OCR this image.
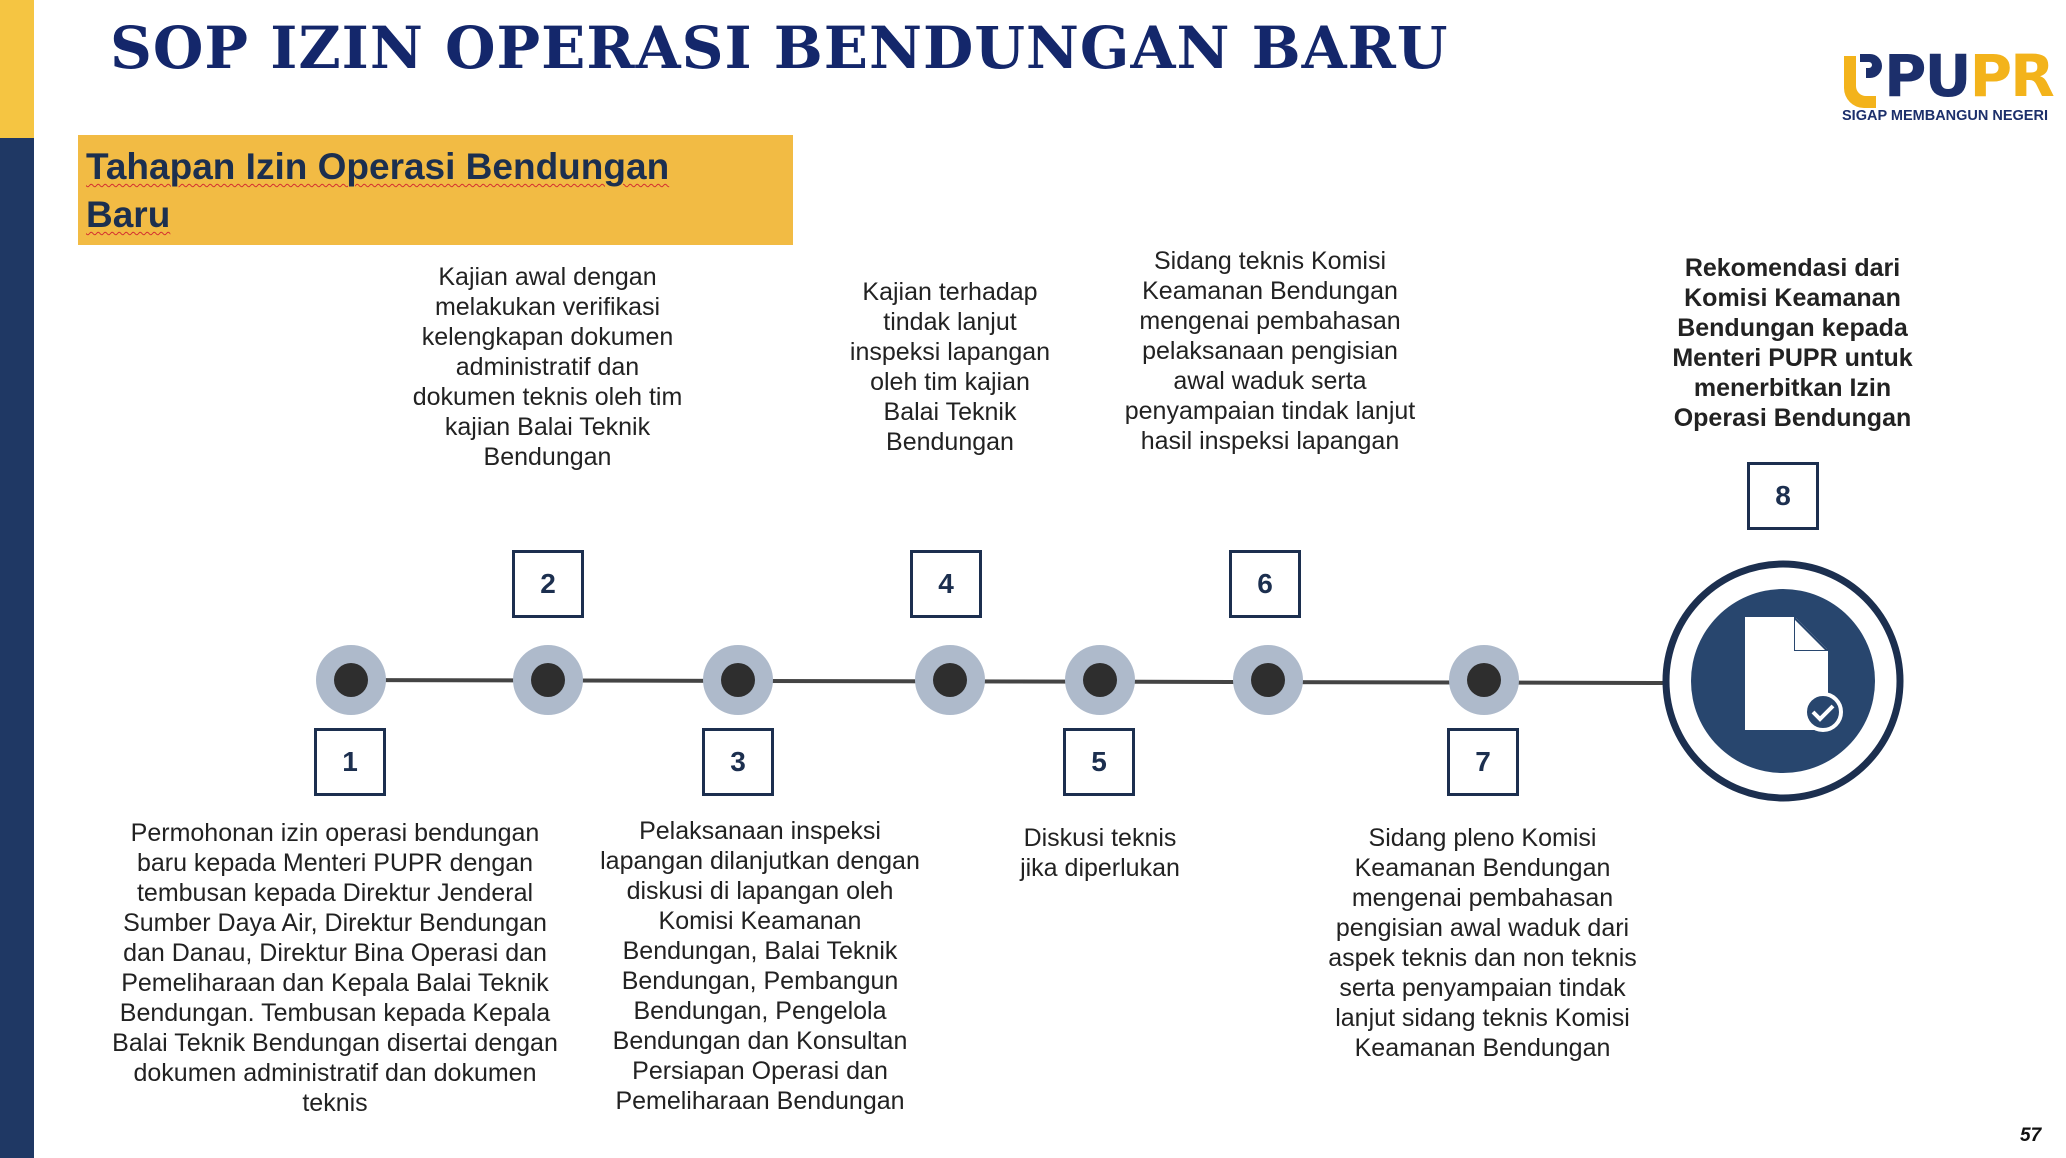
SOP IZIN OPERASI BENDUNGAN BARU	PUPR
SIGAP MEMBANGUN NEGERI
Tahapan Izin Operasi Bendungan Baru
1
2
3
4
5
6
7
8
Permohonan izin operasi bendungan baru kepada Menteri PUPR dengan tembusan kepada Direktur Jenderal Sumber Daya Air, Direktur Bendungan dan Danau, Direktur Bina Operasi dan Pemeliharaan dan Kepala Balai Teknik Bendungan. Tembusan kepada Kepala Balai Teknik Bendungan disertai dengan dokumen administratif dan dokumen teknis
Kajian awal dengan melakukan verifikasi kelengkapan dokumen administratif dan dokumen teknis oleh tim kajian Balai Teknik Bendungan
Pelaksanaan inspeksi lapangan dilanjutkan dengan diskusi di lapangan oleh Komisi Keamanan Bendungan, Balai Teknik Bendungan, Pembangun Bendungan, Pengelola Bendungan dan Konsultan Persiapan Operasi dan Pemeliharaan Bendungan
Kajian terhadap tindak lanjut inspeksi lapangan oleh tim kajian Balai Teknik Bendungan
Diskusi teknis jika diperlukan
Sidang teknis Komisi Keamanan Bendungan mengenai pembahasan pelaksanaan pengisian awal waduk serta penyampaian tindak lanjut hasil inspeksi lapangan
Sidang pleno Komisi Keamanan Bendungan mengenai pembahasan pengisian awal waduk dari aspek teknis dan non teknis serta penyampaian tindak lanjut sidang teknis Komisi Keamanan Bendungan
Rekomendasi dari Komisi Keamanan Bendungan kepada Menteri PUPR untuk menerbitkan Izin Operasi Bendungan
57
